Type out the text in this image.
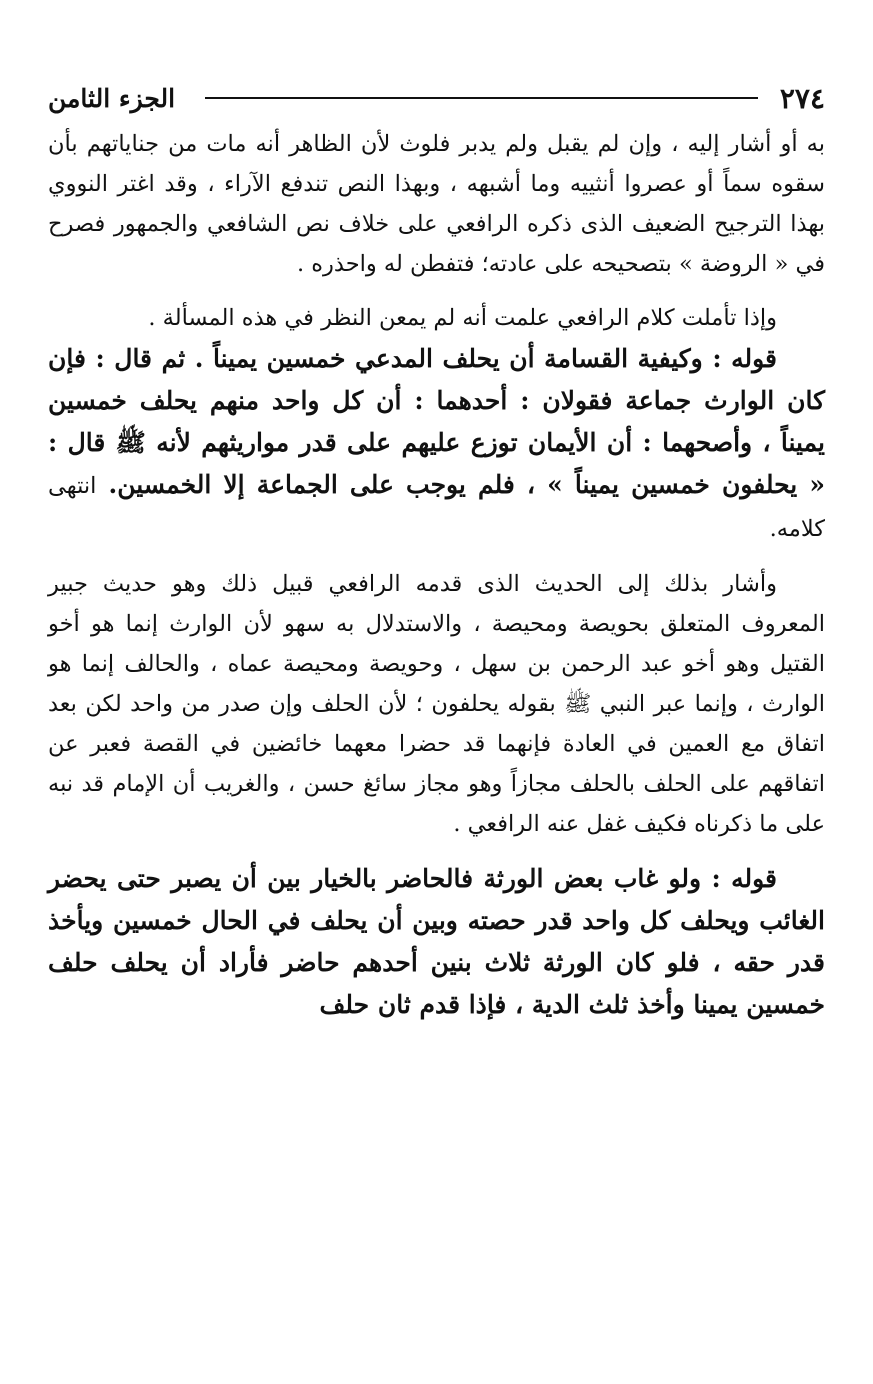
٢٧٤
الجزء الثامن

به أو أشار إليه ، وإن لم يقبل ولم يدبر فلوث لأن الظاهر أنه مات من جناياتهم بأن سقوه سماً أو عصروا أنثييه وما أشبهه ، وبهذا النص تندفع الآراء ، وقد اغتر النووي بهذا الترجيح الضعيف الذى ذكره الرافعي على خلاف نص الشافعي والجمهور فصرح في « الروضة » بتصحيحه على عادته؛ فتفطن له واحذره .

وإذا تأملت كلام الرافعي علمت أنه لم يمعن النظر في هذه المسألة .

قوله : وكيفية القسامة أن يحلف المدعي خمسين يميناً . ثم قال : فإن كان الوارث جماعة فقولان : أحدهما : أن كل واحد منهم يحلف خمسين يميناً ، وأصحهما : أن الأيمان توزع عليهم على قدر مواريثهم لأنه ﷺ قال : « يحلفون خمسين يميناً » ، فلم يوجب على الجماعة إلا الخمسين. انتهى كلامه.

وأشار بذلك إلى الحديث الذى قدمه الرافعي قبيل ذلك وهو حديث جبير المعروف المتعلق بحويصة ومحيصة ، والاستدلال به سهو لأن الوارث إنما هو أخو القتيل وهو أخو عبد الرحمن بن سهل ، وحويصة ومحيصة عماه ، والحالف إنما هو الوارث ، وإنما عبر النبي ﷺ بقوله يحلفون ؛ لأن الحلف وإن صدر من واحد لكن بعد اتفاق مع العمين في العادة فإنهما قد حضرا معهما خائضين في القصة فعبر عن اتفاقهم على الحلف بالحلف مجازاً وهو مجاز سائغ حسن ، والغريب أن الإمام قد نبه على ما ذكرناه فكيف غفل عنه الرافعي .

قوله : ولو غاب بعض الورثة فالحاضر بالخيار بين أن يصبر حتى يحضر الغائب ويحلف كل واحد قدر حصته وبين أن يحلف في الحال خمسين ويأخذ قدر حقه ، فلو كان الورثة ثلاث بنين أحدهم حاضر فأراد أن يحلف حلف خمسين يمينا وأخذ ثلث الدية ، فإذا قدم ثان حلف
